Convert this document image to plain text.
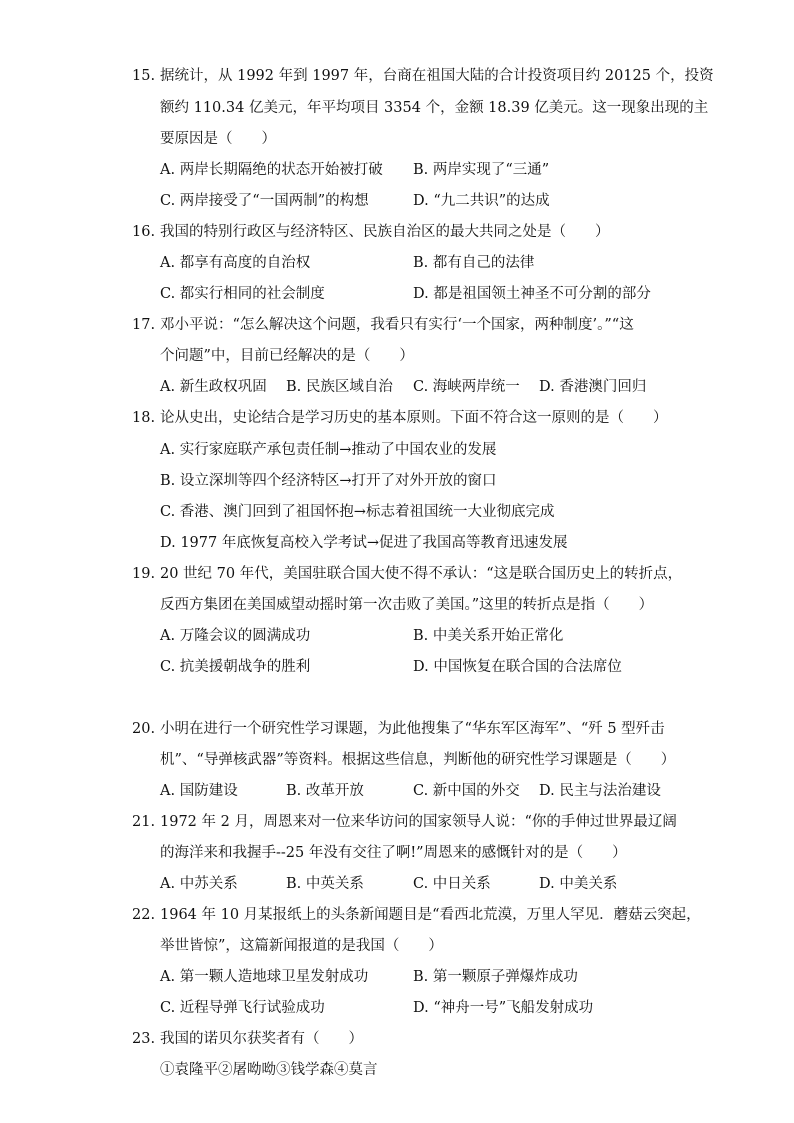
15. 据统计，从 1992 年到 1997 年，台商在祖国大陆的合计投资项目约 20125 个，投资
额约 110.34 亿美元，年平均项目 3354 个，金额 18.39 亿美元。这一现象出现的主
要原因是（　　）
A. 两岸长期隔绝的状态开始被打破 B. 两岸实现了“三通”
C. 两岸接受了“一国两制”的构想	D. “九二共识”的达成
16. 我国的特别行政区与经济特区、民族自治区的最大共同之处是（　　）
A. 都享有高度的自治权	B. 都有自己的法律
C. 都实行相同的社会制度	D. 都是祖国领土神圣不可分割的部分
17. 邓小平说：“怎么解决这个问题，我看只有实行‘一个国家，两种制度’。”“这
个问题”中，目前已经解决的是（　　）
A. 新生政权巩固 B. 民族区域自治 C. 海峡两岸统一 D. 香港澳门回归
18. 论从史出，史论结合是学习历史的基本原则。下面不符合这一原则的是（　　）
A. 实行家庭联产承包责任制→推动了中国农业的发展
B. 设立深圳等四个经济特区→打开了对外开放的窗口
C. 香港、澳门回到了祖国怀抱→标志着祖国统一大业彻底完成
D. 1977 年底恢复高校入学考试→促进了我国高等教育迅速发展
19. 20 世纪 70 年代，美国驻联合国大使不得不承认：“这是联合国历史上的转折点，
反西方集团在美国威望动摇时第一次击败了美国。”这里的转折点是指（　　）
A. 万隆会议的圆满成功	B. 中美关系开始正常化
C. 抗美援朝战争的胜利	D. 中国恢复在联合国的合法席位
20. 小明在进行一个研究性学习课题，为此他搜集了“华东军区海军”、“歼 5 型歼击
机”、“导弹核武器”等资料。根据这些信息，判断他的研究性学习课题是（　　）
A. 国防建设	B. 改革开放	C. 新中国的外交 D. 民主与法治建设
21. 1972 年 2 月，周恩来对一位来华访问的国家领导人说：“你的手伸过世界最辽阔
的海洋来和我握手--25 年没有交往了啊!”周恩来的感慨针对的是（　　）
A. 中苏关系	B. 中英关系	C. 中日关系	D. 中美关系
22. 1964 年 10 月某报纸上的头条新闻题目是“看西北荒漠，万里人罕见．蘑菇云突起，
举世皆惊”，这篇新闻报道的是我国（　　）
A. 第一颗人造地球卫星发射成功	B. 第一颗原子弹爆炸成功
C. 近程导弹飞行试验成功	D. “神舟一号”飞船发射成功
23. 我国的诺贝尔获奖者有（　　）
①袁隆平②屠呦呦③钱学森④莫言
